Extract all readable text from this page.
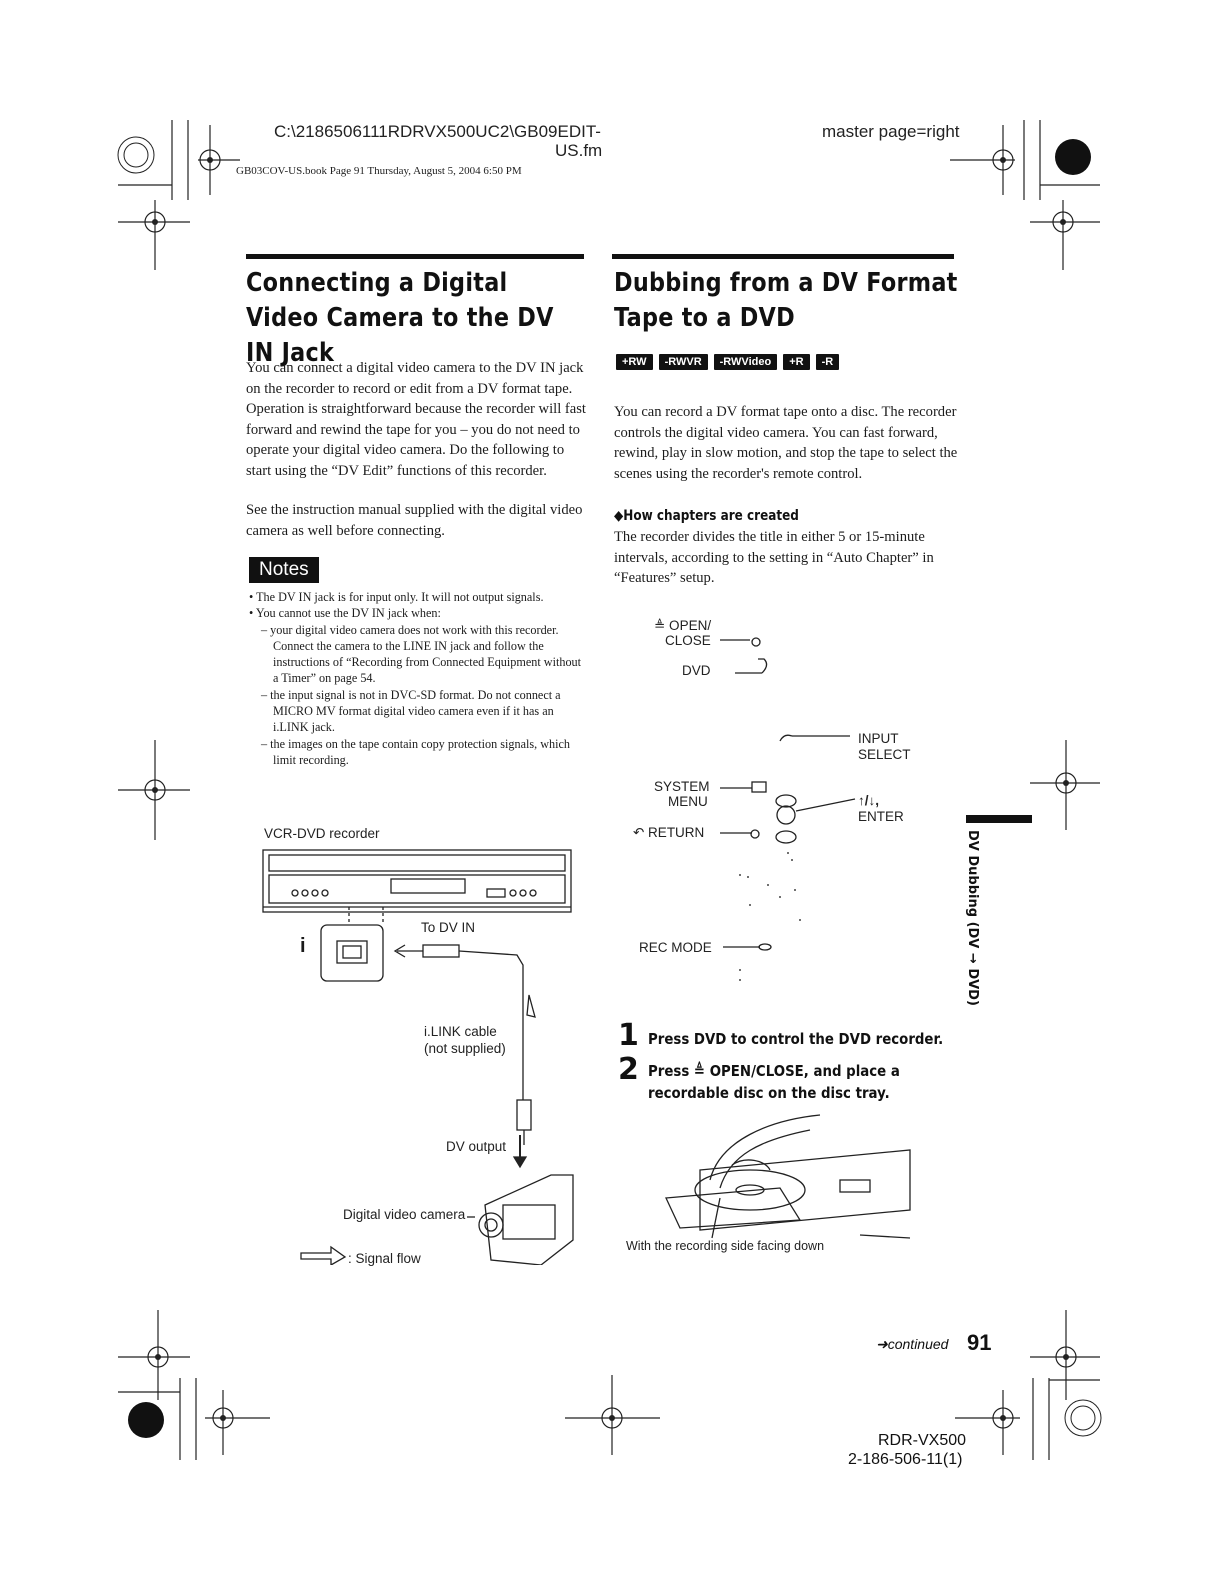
C:\2186506111RDRVX500UC2\GB09EDIT-
US.fm
GB03COV-US.book Page 91 Thursday, August 5, 2004 6:50 PM
master page=right
Connecting a Digital Video Camera to the DV IN Jack
You can connect a digital video camera to the DV IN jack on the recorder to record or edit from a DV format tape. Operation is straightforward because the recorder will fast forward and rewind the tape for you – you do not need to operate your digital video camera. Do the following to start using the “DV Edit” functions of this recorder.
See the instruction manual supplied with the digital video camera as well before connecting.
Notes

• The DV IN jack is for input only. It will not output signals.

• You cannot use the DV IN jack when:

– your digital video camera does not work with this recorder. Connect the camera to the LINE IN jack and follow the instructions of “Recording from Connected Equipment without a Timer” on page 54.

– the input signal is not in DVC-SD format. Do not connect a MICRO MV format digital video camera even if it has an i.LINK jack.

– the images on the tape contain copy protection signals, which limit recording.

VCR-DVD recorder
i
To DV IN
i.LINK cable
(not supplied)
DV output
Digital video camera
: Signal flow
Dubbing from a DV Format Tape to a DVD
+RW	-RWVR	-RWVideo	+R	-R
You can record a DV format tape onto a disc. The recorder controls the digital video camera. You can fast forward, rewind, play in slow motion, and stop the tape to select the scenes using the recorder's remote control.
◆How chapters are created
The recorder divides the title in either 5 or 15-minute intervals, according to the setting in “Auto Chapter” in “Features” setup.
≜ OPEN/
CLOSE
DVD
INPUT
SELECT
SYSTEM
MENU	↑/↓,
ENTER
↶ RETURN
REC MODE
1 Press DVD to control the DVD recorder.
2 Press ≜ OPEN/CLOSE, and place a recordable disc on the disc tray.
With the recording side facing down
DV Dubbing (DV → DVD)
➜continued 91
RDR-VX500
2-186-506-11(1)
